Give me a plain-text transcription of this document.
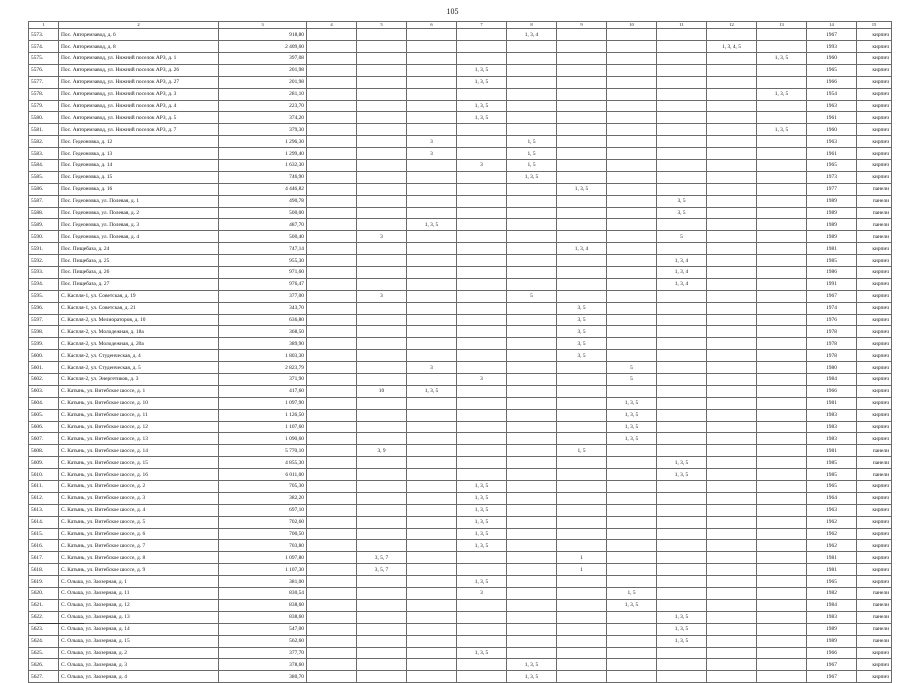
105
1	2	3	4	5	6	7	8	9	10	11	12	13	14	15
5573.	Пос. Авторемзавод, д. 6	918,80					1, 3, 4						1967	кирпич
5574.	Пос. Авторемзавод, д. 8	2 409,60									1, 3, 4, 5		1993	кирпич
5575.	Пос. Авторемзавод, ул. Нижний поселок АРЗ, д. 1	397,08										1, 3, 5	1960	кирпич
5576.	Пос. Авторемзавод, ул. Нижний поселок АРЗ, д. 26	201,98				1, 3, 5							1965	кирпич
5577.	Пос. Авторемзавод, ул. Нижний поселок АРЗ, д. 27	201,98				1, 3, 5							1966	кирпич
5578.	Пос. Авторемзавод, ул. Нижний поселок АРЗ, д. 3	281,10										1, 3, 5	1954	кирпич
5579.	Пос. Авторемзавод, ул. Нижний поселок АРЗ, д. 4	223,70				1, 3, 5							1963	кирпич
5580.	Пос. Авторемзавод, ул. Нижний поселок АРЗ, д. 5	374,20				1, 3, 5							1961	кирпич
5581.	Пос. Авторемзавод, ул. Нижний поселок АРЗ, д. 7	379,30										1, 3, 5	1960	кирпич
5582.	Пос. Гедеоновка, д. 12	1 296,30			3		1, 5						1963	кирпич
5583.	Пос. Гедеоновка, д. 13	1 299,40			3		1, 5						1961	кирпич
5584.	Пос. Гедеоновка, д. 14	1 632,30				3	1, 5						1965	кирпич
5585.	Пос. Гедеоновка, д. 15	746,90					1, 3, 5						1973	кирпич
5586.	Пос. Гедеоновка, д. 16	4 446,82						1, 3, 5					1977	панели
5587.	Пос. Гедеоновка, ул. Полевая, д. 1	490,78								3, 5			1989	панели
5588.	Пос. Гедеоновка, ул. Полевая, д. 2	500,00								3, 5			1989	панели
5589.	Пос. Гедеоновка, ул. Полевая, д. 3	487,70			1, 3, 5								1989	панели
5590.	Пос. Гедеоновка, ул. Полевая, д. 4	500,40		3						5			1989	панели
5591.	Пос. Пищебаза, д. 24	747,14						1, 3, 4					1981	кирпич
5592.	Пос. Пищебаза, д. 25	955,30								1, 3, 4			1985	кирпич
5593.	Пос. Пищебаза, д. 26	971,60								1, 3, 4			1986	кирпич
5594.	Пос. Пищебаза, д. 27	976,47								1, 3, 4			1991	кирпич
5595.	С. Каспля-1, ул. Советская, д. 19	377,00		3			5						1967	кирпич
5596.	С. Каспля-1, ул. Советская, д. 21	343,70						3, 5					1974	кирпич
5597.	С. Каспля-2, ул. Мелиораторов, д. 10	636,80						3, 5					1976	кирпич
5598.	С. Каспля-2, ул. Молодежная, д. 18а	368,50						3, 5					1978	кирпич
5599.	С. Каспля-2, ул. Молодежная, д. 20а	389,90						3, 5					1978	кирпич
5600.	С. Каспля-2, ул. Студенческая, д. 4	1 803,30						3, 5					1978	кирпич
5601.	С. Каспля-2, ул. Студенческая, д. 5	2 823,79			3				5				1980	кирпич
5602.	С. Каспля-2, ул. Энергетиков, д. 3	371,90				3			5				1984	кирпич
5603.	С. Катынь, ул. Витебское шоссе, д. 1	417,60		10	1, 3, 5								1966	кирпич
5604.	С. Катынь, ул. Витебское шоссе, д. 10	1 097,90							1, 3, 5				1981	кирпич
5605.	С. Катынь, ул. Витебское шоссе, д. 11	1 126,50							1, 3, 5				1983	кирпич
5606.	С. Катынь, ул. Витебское шоссе, д. 12	1 107,60							1, 3, 5				1983	кирпич
5607.	С. Катынь, ул. Витебское шоссе, д. 13	1 090,60							1, 3, 5				1983	кирпич
5608.	С. Катынь, ул. Витебское шоссе, д. 14	5 770,10		3, 9				1, 5					1981	панели
5609.	С. Катынь, ул. Витебское шоссе, д. 15	4 855,30								1, 3, 5			1985	панели
5610.	С. Катынь, ул. Витебское шоссе, д. 16	6 011,00								1, 3, 5			1985	панели
5611.	С. Катынь, ул. Витебское шоссе, д. 2	705,30				1, 3, 5							1965	кирпич
5612.	С. Катынь, ул. Витебское шоссе, д. 3	382,20				1, 3, 5							1964	кирпич
5613.	С. Катынь, ул. Витебское шоссе, д. 4	697,10				1, 3, 5							1963	кирпич
5614.	С. Катынь, ул. Витебское шоссе, д. 5	702,60				1, 3, 5							1962	кирпич
5615.	С. Катынь, ул. Витебское шоссе, д. 6	700,50				1, 3, 5							1962	кирпич
5616.	С. Катынь, ул. Витебское шоссе, д. 7	703,80				1, 3, 5							1962	кирпич
5617.	С. Катынь, ул. Витебское шоссе, д. 8	1 097,80		3, 5, 7				1					1981	кирпич
5618.	С. Катынь, ул. Витебское шоссе, д. 9	1 107,30		3, 5, 7				1					1981	кирпич
5619.	С. Ольша, ул. Заозерная, д. 1	381,00				1, 3, 5							1965	кирпич
5620.	С. Ольша, ул. Заозерная, д. 11	830,54				3			1, 5				1982	панели
5621.	С. Ольша, ул. Заозерная, д. 12	838,60							1, 3, 5				1984	панели
5622.	С. Ольша, ул. Заозерная, д. 13	838,60								1, 3, 5			1983	панели
5623.	С. Ольша, ул. Заозерная, д. 14	547,00								1, 3, 5			1989	панели
5624.	С. Ольша, ул. Заозерная, д. 15	562,60								1, 3, 5			1989	панели
5625.	С. Ольша, ул. Заозерная, д. 2	377,70				1, 3, 5							1966	кирпич
5626.	С. Ольша, ул. Заозерная, д. 3	378,60					1, 3, 5						1967	кирпич
5627.	С. Ольша, ул. Заозерная, д. 4	380,70					1, 3, 5						1967	кирпич
